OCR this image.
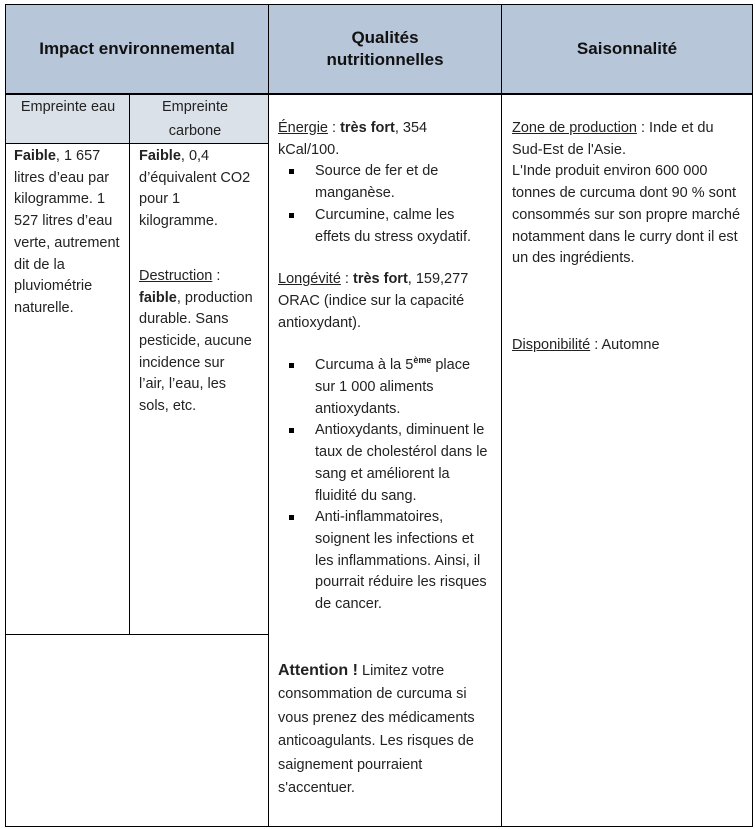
Impact environnemental
Qualités nutritionnelles
Saisonnalité
Empreinte eau	Empreinte carbone

Faible, 1 657 litres d’eau par kilogramme. 1 527 litres d’eau verte, autrement dit de la pluviométrie naturelle.

Faible, 0,4 d’équivalent CO2 pour 1 kilogramme.

Destruction :

faible, production durable. Sans pesticide, aucune incidence sur l’air, l’eau, les sols, etc.

Énergie : très fort, 354 kCal/100.

Source de fer et de manganèse.
Curcumine, calme les effets du stress oxydatif.

Longévité : très fort, 159,277 ORAC (indice sur la capacité antioxydant).

Curcuma à la 5ème place sur 1 000 aliments antioxydants.
Antioxydants, diminuent le taux de cholestérol dans le sang et améliorent la fluidité du sang.
Anti-inflammatoires, soignent les infections et les inflammations. Ainsi, il pourrait réduire les risques de cancer.

Attention ! Limitez votre consommation de curcuma si vous prenez des médicaments anticoagulants. Les risques de saignement pourraient s'accentuer.

Zone de production : Inde et du Sud-Est de l'Asie.

L'Inde produit environ 600 000 tonnes de curcuma dont 90 % sont consommés sur son propre marché notamment dans le curry dont il est un des ingrédients.

Disponibilité : Automne
